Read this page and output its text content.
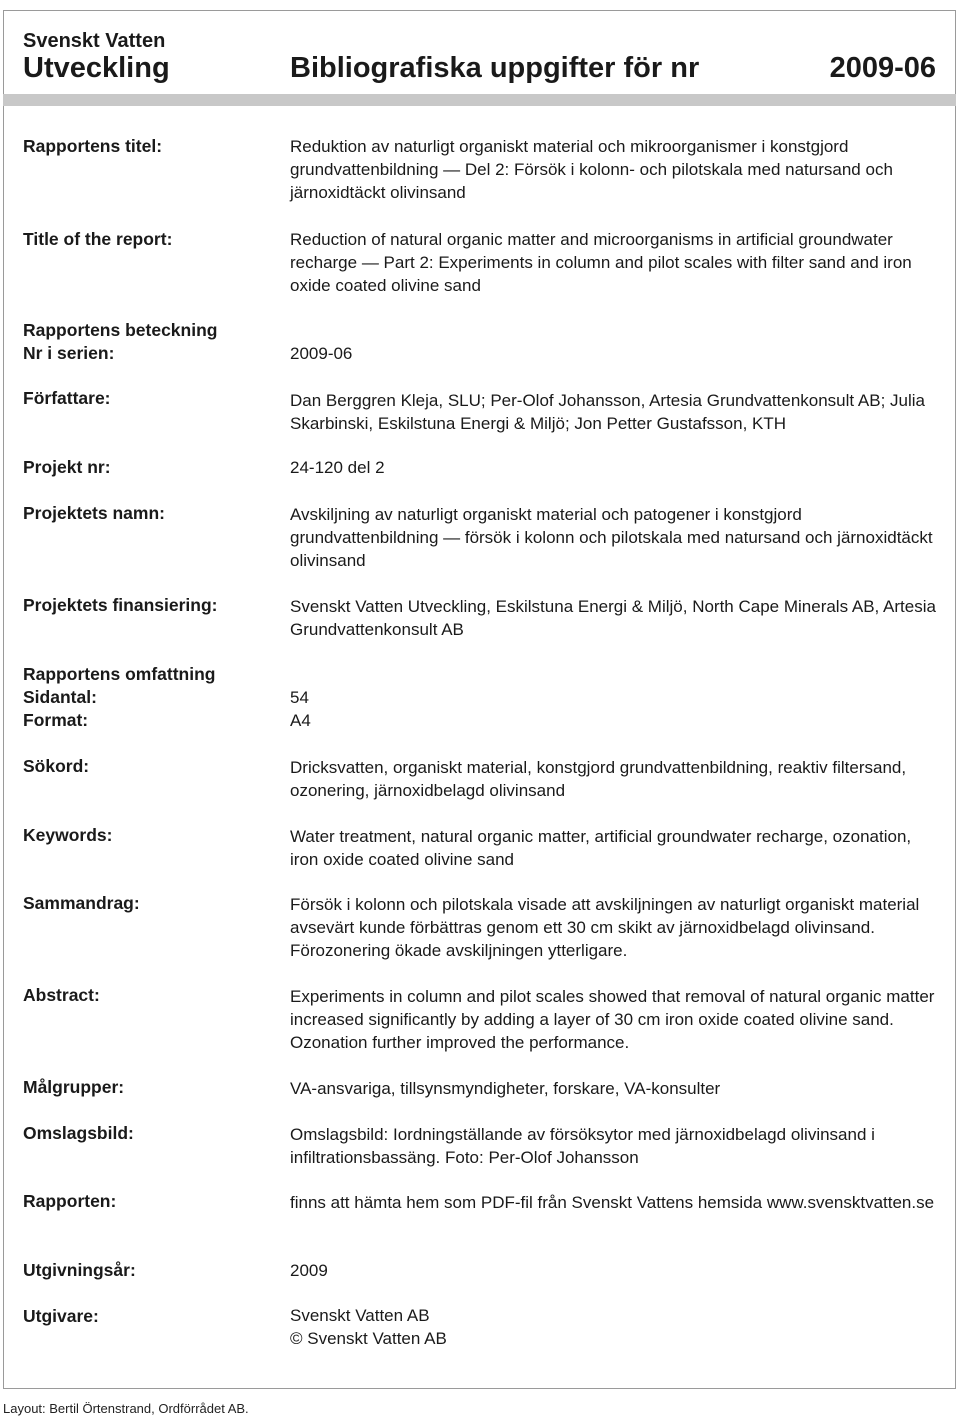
Svenskt Vatten
Utveckling	Bibliografiska uppgifter för nr	2009-06
Rapportens titel:	Reduktion av naturligt organiskt material och mikroorganismer i konstgjord grundvattenbildning — Del 2: Försök i kolonn- och pilotskala med natursand och järnoxidtäckt olivinsand
Title of the report:	Reduction of natural organic matter and microorganisms in artificial groundwater recharge — Part 2: Experiments in column and pilot scales with filter sand and iron oxide coated olivine sand
Rapportens beteckning
Nr i serien:	2009-06
Författare:	Dan Berggren Kleja, SLU; Per-Olof Johansson, Artesia Grundvattenkonsult AB; Julia Skarbinski, Eskilstuna Energi & Miljö; Jon Petter Gustafsson, KTH
Projekt nr:	24-120 del 2
Projektets namn:	Avskiljning av naturligt organiskt material och patogener i konstgjord grundvattenbildning — försök i kolonn och pilotskala med natursand och järnoxidtäckt olivinsand
Projektets finansiering:	Svenskt Vatten Utveckling, Eskilstuna Energi & Miljö, North Cape Minerals AB, Artesia Grundvattenkonsult AB
Rapportens omfattning
Sidantal:	54
Format:	A4
Sökord:	Dricksvatten, organiskt material, konstgjord grundvattenbildning, reaktiv filtersand, ozonering, järnoxidbelagd olivinsand
Keywords:	Water treatment, natural organic matter, artificial groundwater recharge, ozonation, iron oxide coated olivine sand
Sammandrag:	Försök i kolonn och pilotskala visade att avskiljningen av naturligt organiskt material avsevärt kunde förbättras genom ett 30 cm skikt av järnoxidbelagd olivinsand. Förozonering ökade avskiljningen ytterligare.
Abstract:	Experiments in column and pilot scales showed that removal of natural organic matter increased significantly by adding a layer of 30 cm iron oxide coated olivine sand. Ozonation further improved the performance.
Målgrupper:	VA-ansvariga, tillsynsmyndigheter, forskare, VA-konsulter
Omslagsbild:	Omslagsbild: Iordningställande av försöksytor med järnoxidbelagd olivinsand i infiltrationsbassäng. Foto: Per-Olof Johansson
Rapporten:	finns att hämta hem som PDF-fil från Svenskt Vattens hemsida www.svensktvatten.se
Utgivningsår:	2009
Utgivare:	Svenskt Vatten AB
© Svenskt Vatten AB
Layout: Bertil Örtenstrand, Ordförrådet AB.
